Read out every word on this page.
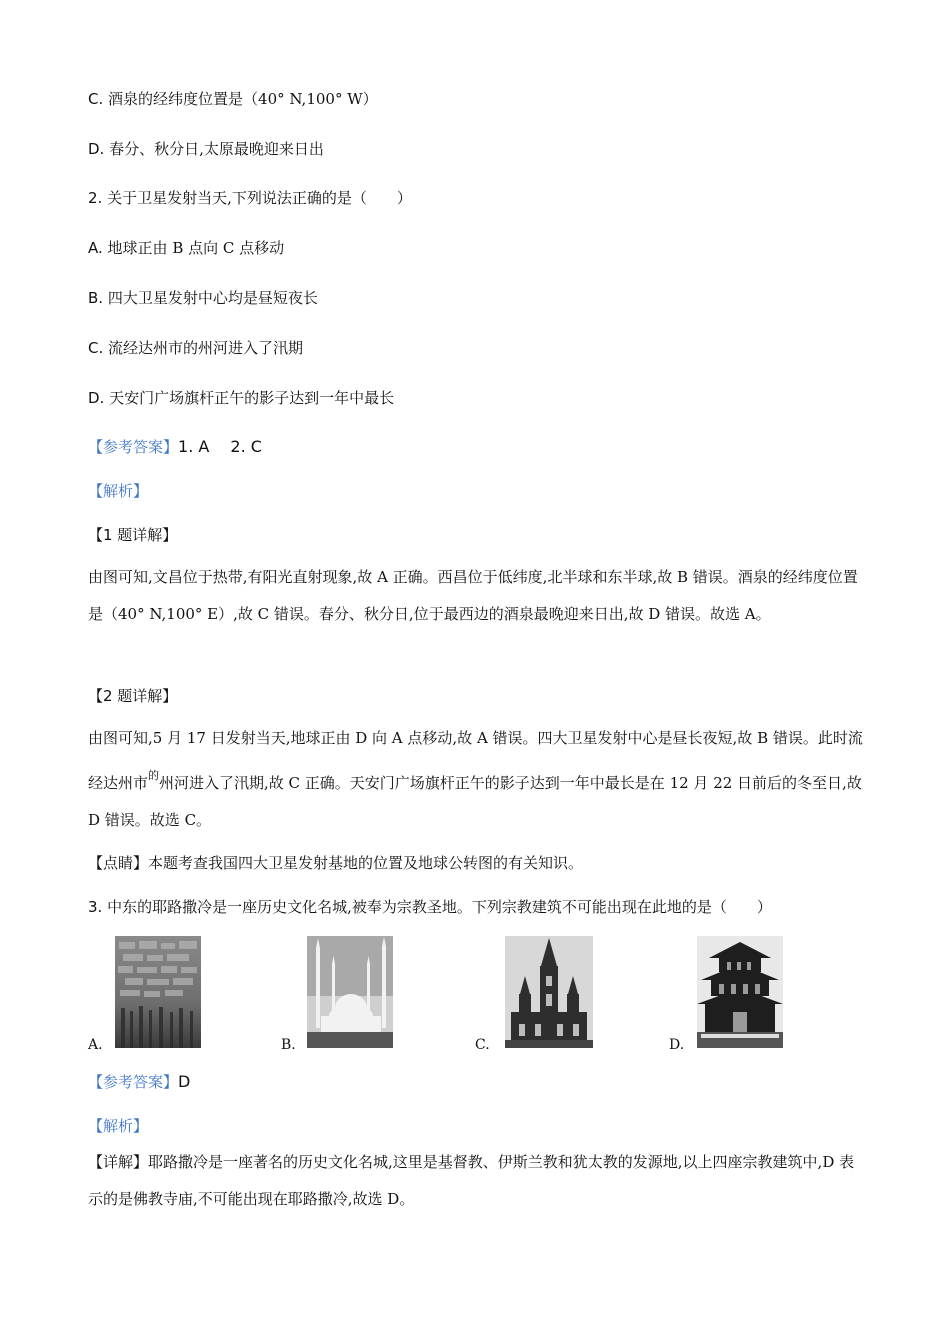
C. 酒泉的经纬度位置是（40° N,100° W）
D. 春分、秋分日,太原最晚迎来日出
2. 关于卫星发射当天,下列说法正确的是（　　）
A. 地球正由 B 点向 C 点移动
B. 四大卫星发射中心均是昼短夜长
C. 流经达州市的州河进入了汛期
D. 天安门广场旗杆正午的影子达到一年中最长
【参考答案】1. A　 2. C
【解析】
【1 题详解】
由图可知,文昌位于热带,有阳光直射现象,故 A 正确。西昌位于低纬度,北半球和东半球,故 B 错误。酒泉的经纬度位置是（40° N,100° E）,故 C 错误。春分、秋分日,位于最西边的酒泉最晚迎来日出,故 D 错误。故选 A。
【2 题详解】
由图可知,5 月 17 日发射当天,地球正由 D 向 A 点移动,故 A 错误。四大卫星发射中心是昼长夜短,故 B 错误。此时流经达州市$^的$州河进入了汛期,故 C 正确。天安门广场旗杆正午的影子达到一年中最长是在 12 月 22 日前后的冬至日,故 D 错误。故选 C。
【点睛】本题考查我国四大卫星发射基地的位置及地球公转图的有关知识。
3. 中东的耶路撒冷是一座历史文化名城,被奉为宗教圣地。下列宗教建筑不可能出现在此地的是（　　）
A.	B.	C.	D.
【参考答案】D
【解析】
【详解】耶路撒冷是一座著名的历史文化名城,这里是基督教、伊斯兰教和犹太教的发源地,以上四座宗教建筑中,D 表示的是佛教寺庙,不可能出现在耶路撒冷,故选 D。
